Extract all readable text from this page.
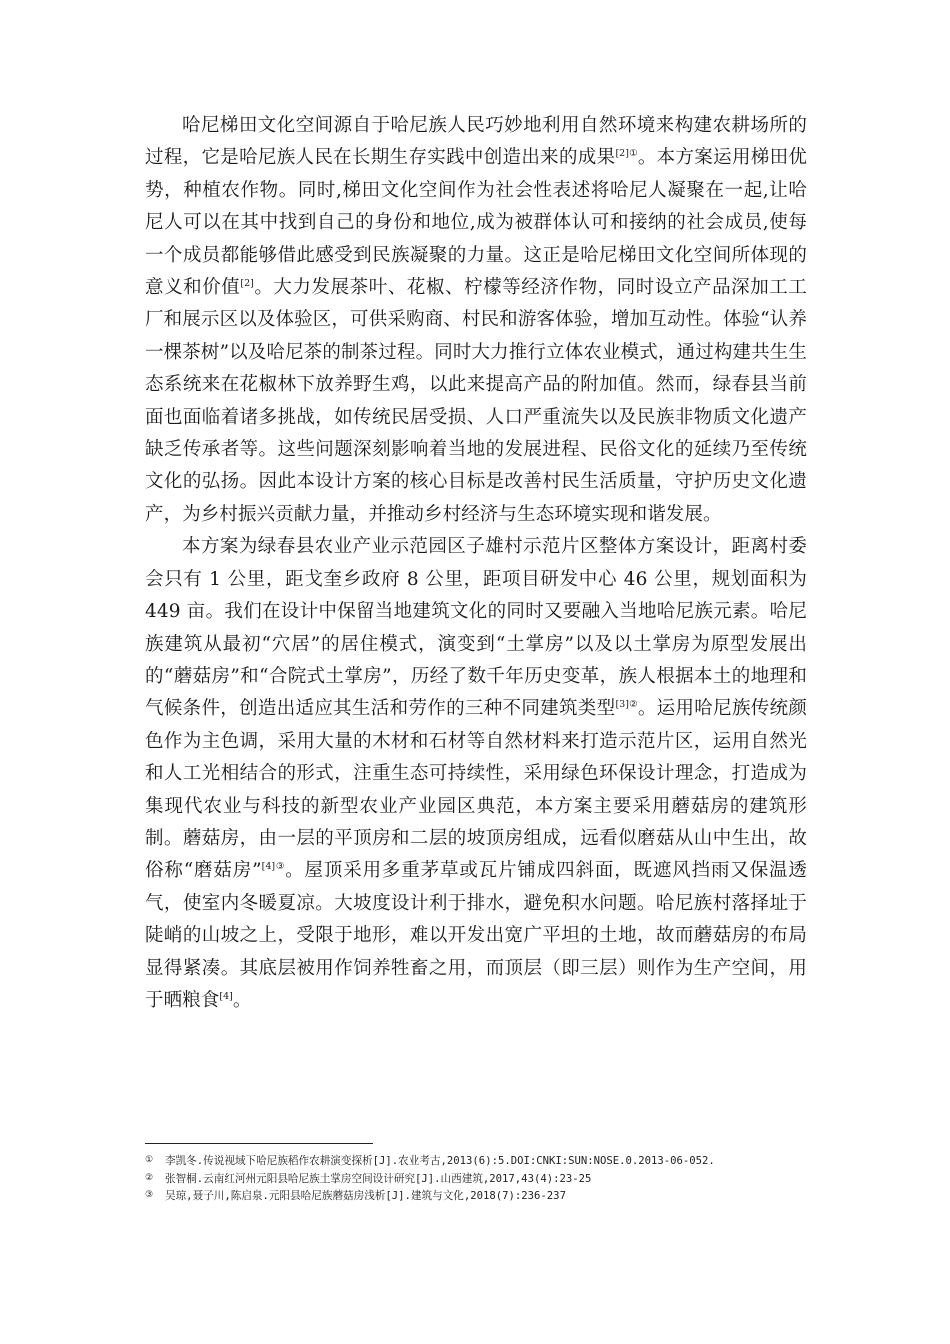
哈尼梯田文化空间源自于哈尼族人民巧妙地利用自然环境来构建农耕场所的过程，它是哈尼族人民在长期生存实践中创造出来的成果$^{[2]①}$。本方案运用梯田优势，种植农作物。同时,梯田文化空间作为社会性表述将哈尼人凝聚在一起,让哈尼人可以在其中找到自己的身份和地位,成为被群体认可和接纳的社会成员,使每一个成员都能够借此感受到民族凝聚的力量。这正是哈尼梯田文化空间所体现的意义和价值[2]。大力发展茶叶、花椒、柠檬等经济作物，同时设立产品深加工工厂和展示区以及体验区，可供采购商、村民和游客体验，增加互动性。体验“认养一棵茶树”以及哈尼茶的制茶过程。同时大力推行立体农业模式，通过构建共生生态系统来在花椒林下放养野生鸡，以此来提高产品的附加值。然而，绿春县当前面也面临着诸多挑战，如传统民居受损、人口严重流失以及民族非物质文化遗产缺乏传承者等。这些问题深刻影响着当地的发展进程、民俗文化的延续乃至传统文化的弘扬。因此本设计方案的核心目标是改善村民生活质量，守护历史文化遗产，为乡村振兴贡献力量，并推动乡村经济与生态环境实现和谐发展。

本方案为绿春县农业产业示范园区子雄村示范片区整体方案设计，距离村委会只有 1 公里，距戈奎乡政府 8 公里，距项目研发中心 46 公里，规划面积为 449 亩。我们在设计中保留当地建筑文化的同时又要融入当地哈尼族元素。哈尼族建筑从最初“穴居”的居住模式，演变到“土掌房”以及以土掌房为原型发展出的“蘑菇房”和“合院式土掌房”，历经了数千年历史变革，族人根据本土的地理和气候条件，创造出适应其生活和劳作的三种不同建筑类型$^{[3]②}$。运用哈尼族传统颜色作为主色调，采用大量的木材和石材等自然材料来打造示范片区，运用自然光和人工光相结合的形式，注重生态可持续性，采用绿色环保设计理念，打造成为集现代农业与科技的新型农业产业园区典范，本方案主要采用蘑菇房的建筑形制。蘑菇房，由一层的平顶房和二层的坡顶房组成，远看似磨菇从山中生出，故俗称“磨菇房”$^{[4]③}$。屋顶采用多重茅草或瓦片铺成四斜面，既遮风挡雨又保温透气，使室内冬暖夏凉。大坡度设计利于排水，避免积水问题。哈尼族村落择址于陡峭的山坡之上，受限于地形，难以开发出宽广平坦的土地，故而蘑菇房的布局显得紧凑。其底层被用作饲养牲畜之用，而顶层（即三层）则作为生产空间，用于晒粮食[4]。

① 李凯冬.传说视域下哈尼族稻作农耕演变探析[J].农业考古,2013(6):5.DOI:CNKI:SUN:NOSE.0.2013-06-052.

② 张智桐.云南红河州元阳县哈尼族土掌房空间设计研究[J].山西建筑,2017,43(4):23-25

③ 吴琼,聂子川,陈启泉.元阳县哈尼族蘑菇房浅析[J].建筑与文化,2018(7):236-237
